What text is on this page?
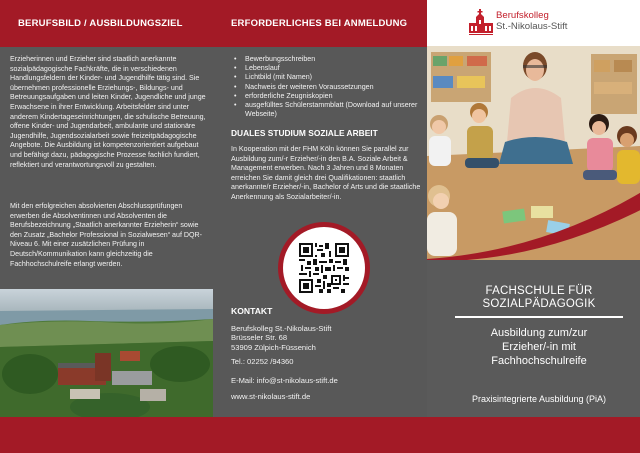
BERUFSBILD / AUSBILDUNGSZIEL
Erzieherinnen und Erzieher sind staatlich anerkannte sozialpädagogische Fachkräfte, die in verschiedenen Handlungsfeldern der Kinder- und Jugendhilfe tätig sind. Sie übernehmen professionelle Erziehungs-, Bildungs- und Betreuungsaufgaben und leiten Kinder, Jugendliche und junge Erwachsene in ihrer Entwicklung. Arbeitsfelder sind unter anderem Kindertageseinrichtungen, die schulische Betreuung, offene Kinder- und Jugendarbeit, ambulante und stationäre Jugendhilfe, Jugendsozialarbeit sowie freizeitpädagogische Angebote. Die Ausbildung ist kompetenzorientiert aufgebaut und befähigt dazu, pädagogische Prozesse fachlich fundiert, reflektiert und verantwortungsvoll zu gestalten.
Mit den erfolgreichen absolvierten Abschlussprüfungen erwerben die Absolventinnen und Absolventen die Berufsbezeichnung „Staatlich anerkannter Erzieherin“ sowie den Zusatz „Bachelor Professional in Sozialwesen“ auf DQR-Niveau 6. Mit einer zusätzlichen Prüfung in Deutsch/Kommunikation kann gleichzeitig die Fachhochschulreife erlangt werden.
ERFORDERLICHES BEI ANMELDUNG
• Bewerbungsschreiben
• Lebenslauf
• Lichtbild (mit Namen)
• Nachweis der weiteren Voraussetzungen
• erforderliche Zeugniskopien
• ausgefülltes Schülerstammblatt (Download auf unserer Webseite)
DUALES STUDIUM SOZIALE ARBEIT
In Kooperation mit der FHM Köln können Sie parallel zur Ausbildung zum/-r Erzieher/-in den B.A. Soziale Arbeit & Management erwerben. Nach 3 Jahren und 8 Monaten erreichen Sie damit gleich drei Qualifikationen: staatlich anerkannte/r Erzieher/-in, Bachelor of Arts und die staatliche Anerkennung als Sozialarbeiter/-in.
KONTAKT
Berufskolleg St.-Nikolaus-Stift
Brüsseler Str. 68
53909 Zülpich-Füssenich
Tel.: 02252 /94360
E-Mail: info@st-nikolaus-stift.de
www.st-nikolaus-stift.de
Berufskolleg
St.-Nikolaus-Stift
FACHSCHULE FÜR
SOZIALPÄDAGOGIK
Ausbildung zum/zur
Erzieher/-in mit
Fachhochschulreife
Praxisintegrierte Ausbildung (PiA)
